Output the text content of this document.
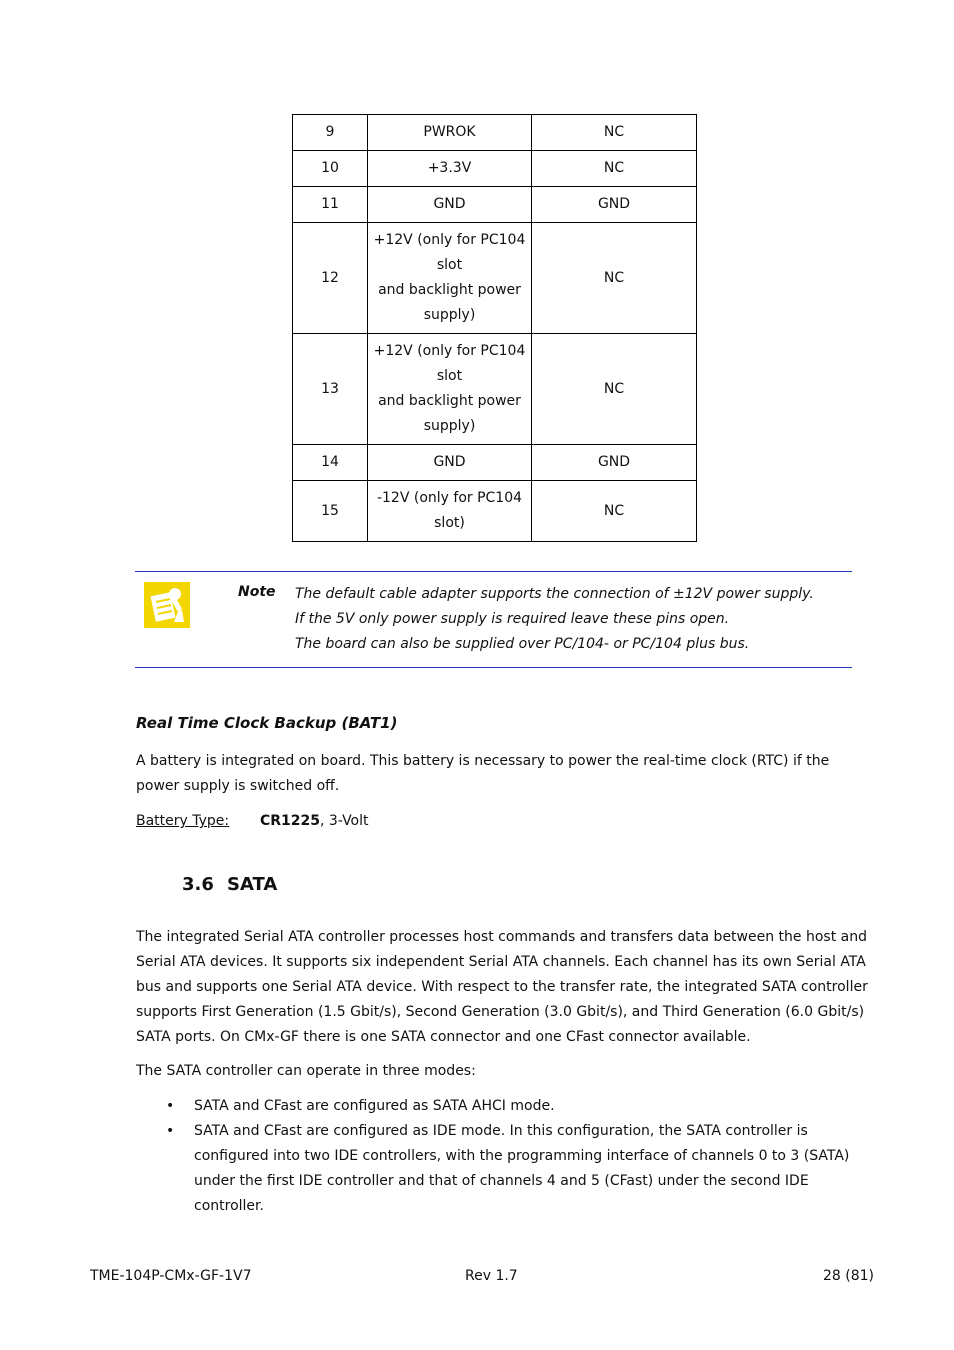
9	PWROK	NC
10	+3.3V	NC
11	GND	GND
12	+12V (only for PC104
slot
and backlight power
supply)	NC
13	+12V (only for PC104
slot
and backlight power
supply)	NC
14	GND	GND
15	-12V (only for PC104
slot)	NC
Note The default cable adapter supports the connection of ±12V power supply.
If the 5V only power supply is required leave these pins open.
The board can also be supplied over PC/104- or PC/104 plus bus.
Real Time Clock Backup (BAT1)
A battery is integrated on board. This battery is necessary to power the real-time clock (RTC) if the power supply is switched off.
Battery Type: CR1225, 3-Volt
3.6 SATA
The integrated Serial ATA controller processes host commands and transfers data between the host and Serial ATA devices. It supports six independent Serial ATA channels. Each channel has its own Serial ATA bus and supports one Serial ATA device. With respect to the transfer rate, the integrated SATA controller supports First Generation (1.5 Gbit/s), Second Generation (3.0 Gbit/s), and Third Generation (6.0 Gbit/s) SATA ports. On CMx-GF there is one SATA connector and one CFast connector available.
The SATA controller can operate in three modes:
• SATA and CFast are configured as SATA AHCI mode.
• SATA and CFast are configured as IDE mode. In this configuration, the SATA controller is configured into two IDE controllers, with the programming interface of channels 0 to 3 (SATA) under the first IDE controller and that of channels 4 and 5 (CFast) under the second IDE controller.
TME-104P-CMx-GF-1V7	Rev 1.7	28 (81)
